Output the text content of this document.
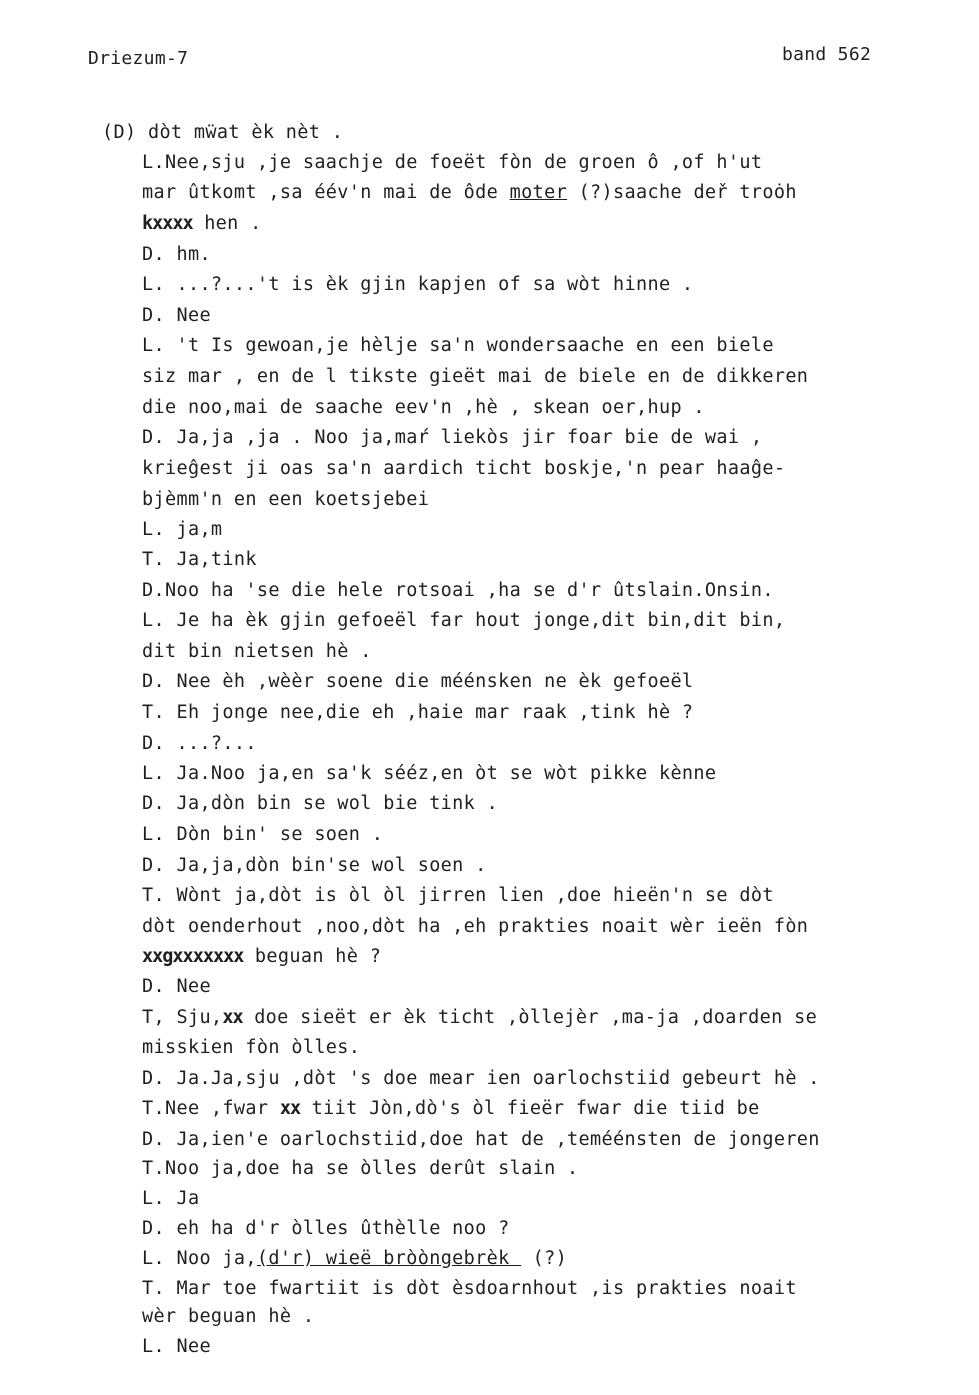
Driezum-7	band 562
(D) dòt mẅat èk nèt .
L.Nee,sju ,je saachje de foeët fòn de groen ô ,of h'ut
mar ûtkomt ,sa éév'n mai de ôde moter (?)saache deř troȯh
kxxxx hen .
D. hm.
L. ...?...'t is èk gjin kapjen of sa wòt hinne .
D. Nee
L. 't Is gewoan,je hèlje sa'n wondersaache en een biele
siz mar , en de l tikste gieët mai de biele en de dikkeren
die noo,mai de saache eev'n ,hè , skean oer,hup .
D. Ja,ja ,ja . Noo ja,maŕ liekòs jir foar bie de wai ,
krieĝest ji oas sa'n aardich ticht boskje,'n pear haaĝe-
bjèmm'n en een koetsjebei
L. ja,m
T. Ja,tink
D.Noo ha 'se die hele rotsoai ,ha se d'r ûtslain.Onsin.
L. Je ha èk gjin gefoeël far hout jonge,dit bin,dit bin,
dit bin nietsen hè .
D. Nee èh ,wèèr soene die méénsken ne èk gefoeël
T. Eh jonge nee,die eh ,haie mar raak ,tink hè ?
D. ...?...
L. Ja.Noo ja,en sa'k sééz,en òt se wòt pikke kènne
D. Ja,dòn bin se wol bie tink .
L. Dòn bin' se soen .
D. Ja,ja,dòn bin'se wol soen .
T. Wònt ja,dòt is òl òl jirren lien ,doe hieën'n se dòt
dòt oenderhout ,noo,dòt ha ,eh prakties noait wèr ieën fòn
xxgxxxxxxx beguan hè ?
D. Nee
T, Sju,xx doe sieët er èk ticht ,òllejèr ,ma-ja ,doarden se
misskien fòn òlles.
D. Ja.Ja,sju ,dòt 's doe mear ien oarlochstiid gebeurt hè .
T.Nee ,fwar xx tiit Jòn,dò's òl fieër fwar die tiid be
D. Ja,ien'e oarlochstiid,doe hat de ,teméénsten de jongeren
T.Noo ja,doe ha se òlles derût slain .
L. Ja
D. eh ha d'r òlles ûthèlle noo ?
L. Noo ja,(d'r) wieë bròòngebrèk  (?)
T. Mar toe fwartiit is dòt èsdoarnhout ,is prakties noait
wèr beguan hè .
L. Nee
